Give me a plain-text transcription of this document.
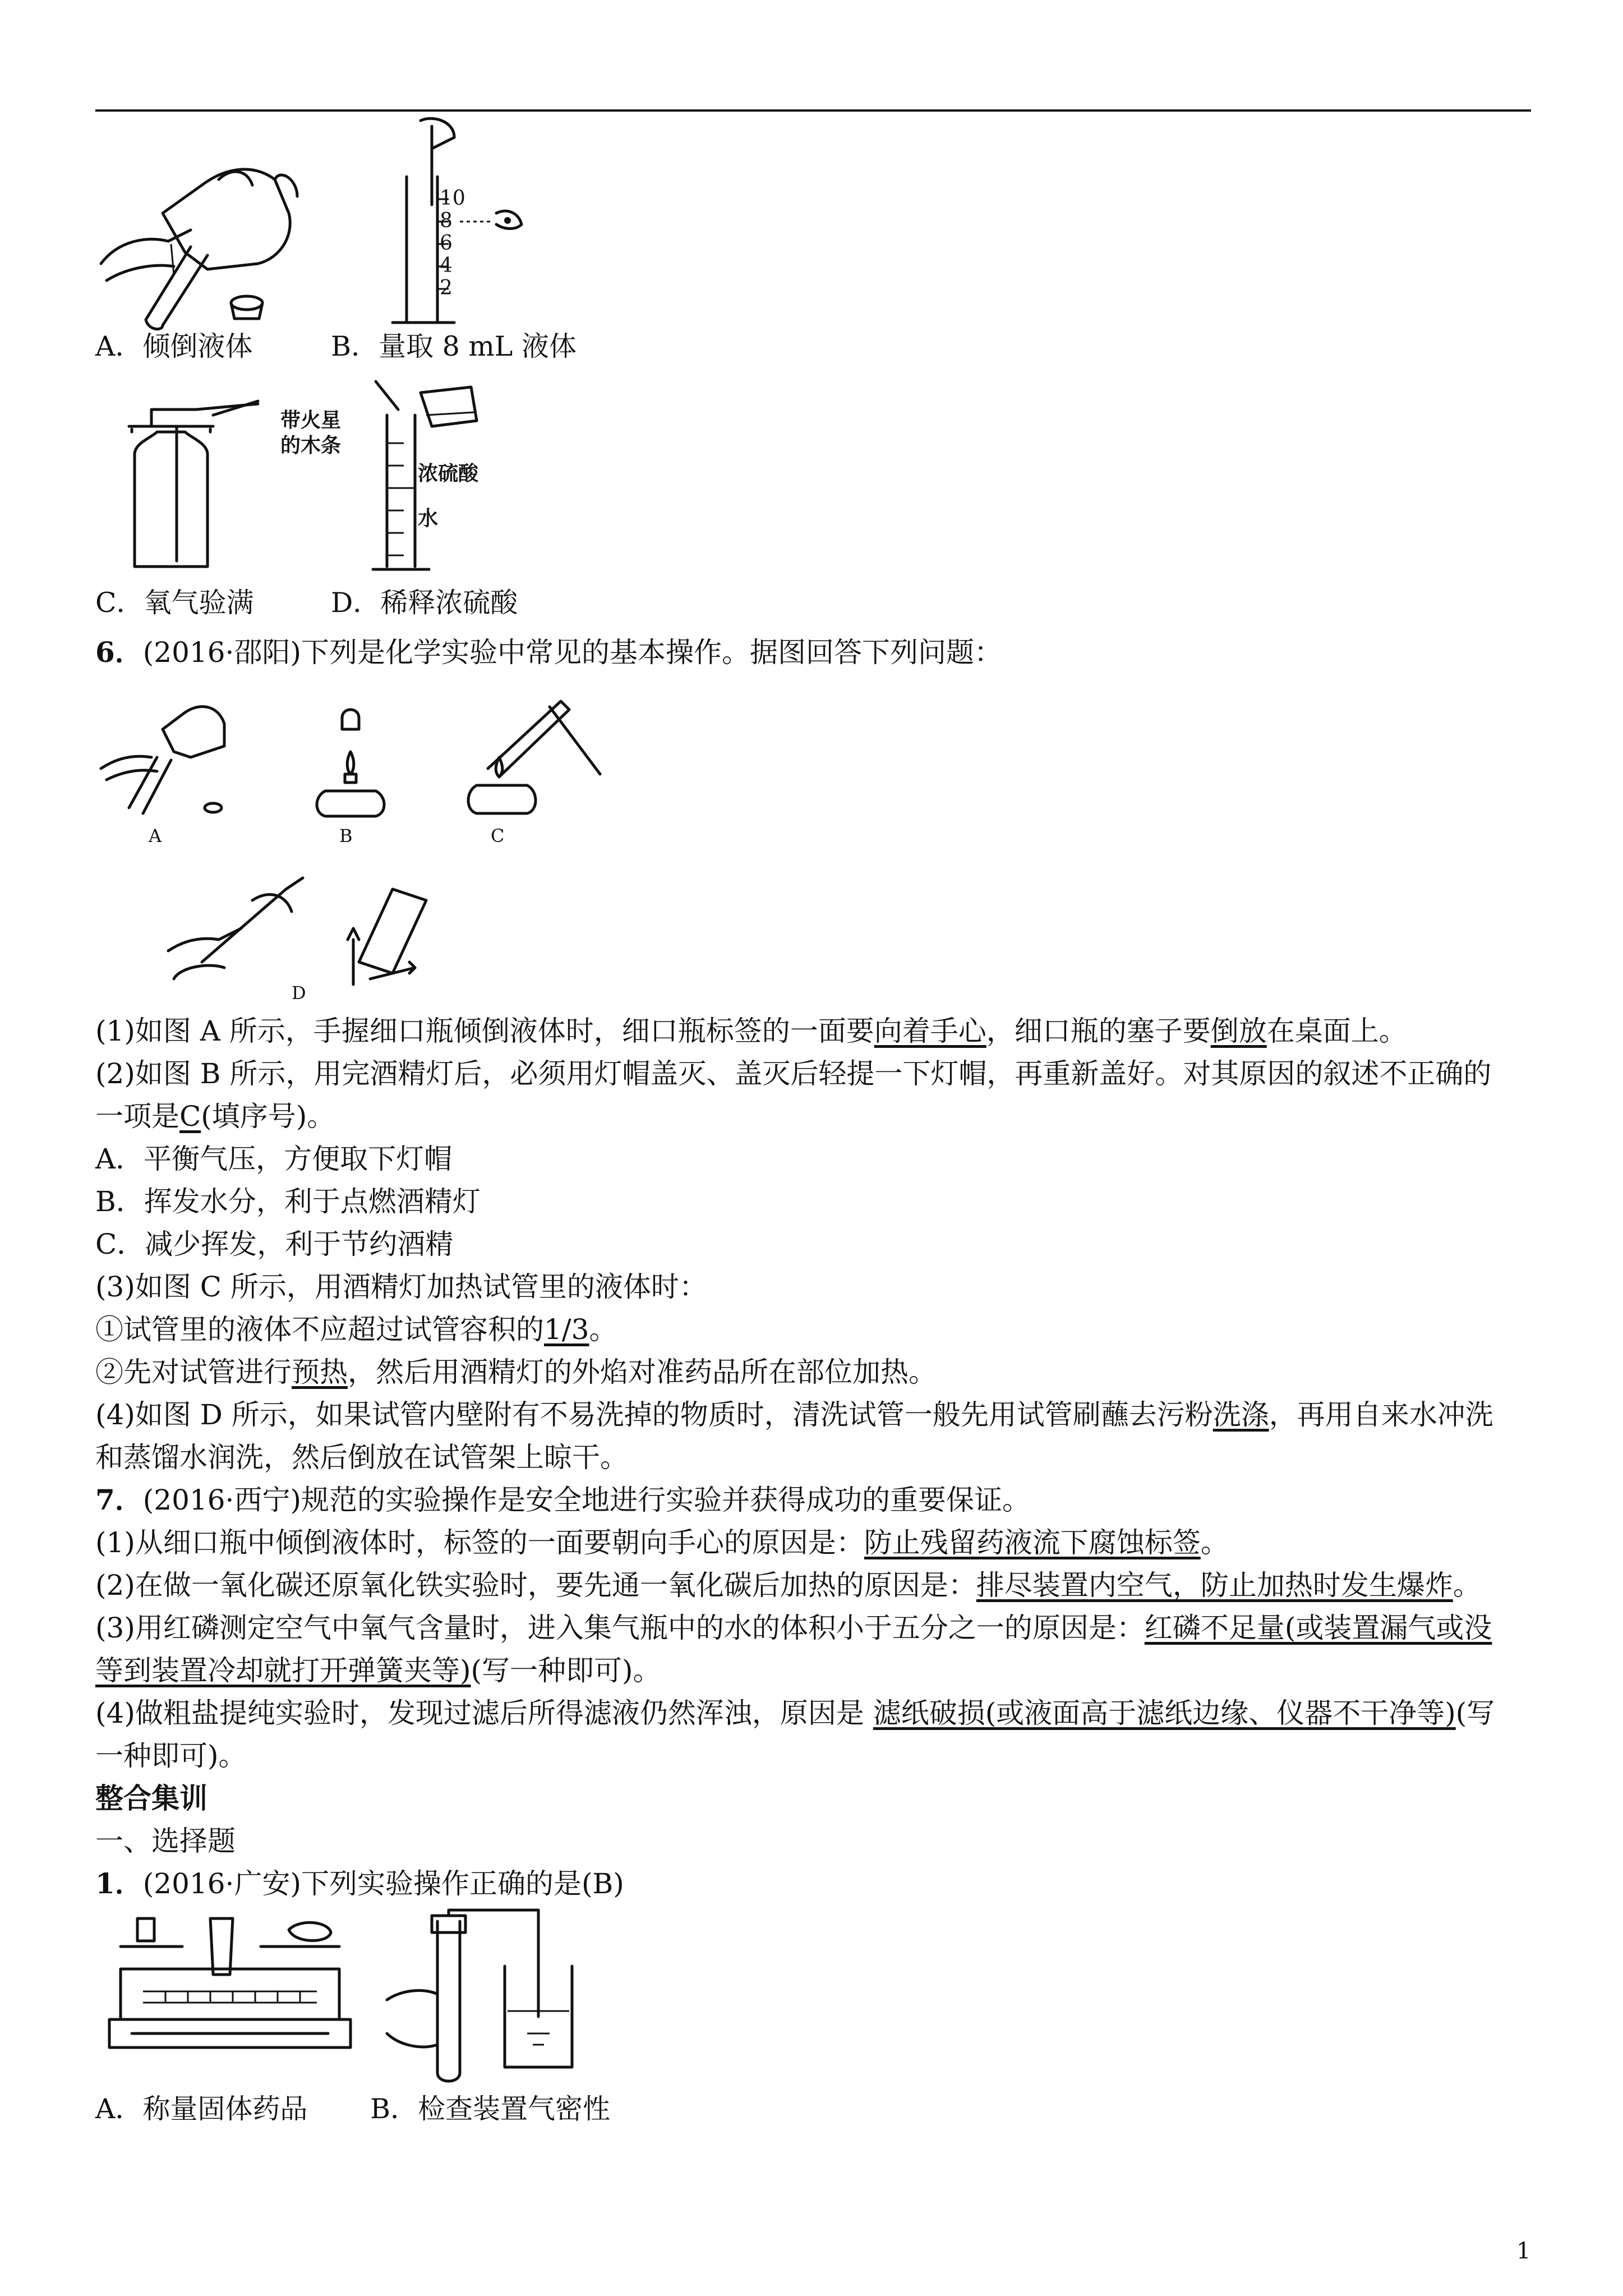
A．倾倒液体
10
8
6
4
2
B．量取 8 mL 液体
带火星
的木条
C．氧气验满
浓硫酸
水
D．稀释浓硫酸
6．(2016·邵阳)下列是化学实验中常见的基本操作。据图回答下列问题：
A	B	C
D
(1)如图 A 所示，手握细口瓶倾倒液体时，细口瓶标签的一面要向着手心，细口瓶的塞子要倒放在桌面上。
(2)如图 B 所示，用完酒精灯后，必须用灯帽盖灭、盖灭后轻提一下灯帽，再重新盖好。对其原因的叙述不正确的
一项是C(填序号)。
A．平衡气压，方便取下灯帽
B．挥发水分，利于点燃酒精灯
C．减少挥发，利于节约酒精
(3)如图 C 所示，用酒精灯加热试管里的液体时：
①试管里的液体不应超过试管容积的1/3。
②先对试管进行预热，然后用酒精灯的外焰对准药品所在部位加热。
(4)如图 D 所示，如果试管内壁附有不易洗掉的物质时，清洗试管一般先用试管刷蘸去污粉洗涤，再用自来水冲洗
和蒸馏水润洗，然后倒放在试管架上晾干。
7．(2016·西宁)规范的实验操作是安全地进行实验并获得成功的重要保证。
(1)从细口瓶中倾倒液体时，标签的一面要朝向手心的原因是：防止残留药液流下腐蚀标签。
(2)在做一氧化碳还原氧化铁实验时，要先通一氧化碳后加热的原因是：排尽装置内空气，防止加热时发生爆炸。
(3)用红磷测定空气中氧气含量时，进入集气瓶中的水的体积小于五分之一的原因是：红磷不足量(或装置漏气或没
等到装置冷却就打开弹簧夹等)(写一种即可)。
(4)做粗盐提纯实验时，发现过滤后所得滤液仍然浑浊，原因是 滤纸破损(或液面高于滤纸边缘、仪器不干净等)(写
一种即可)。
整合集训
一、选择题
1．(2016·广安)下列实验操作正确的是(B)
A．称量固体药品 B．检查装置气密性
1
